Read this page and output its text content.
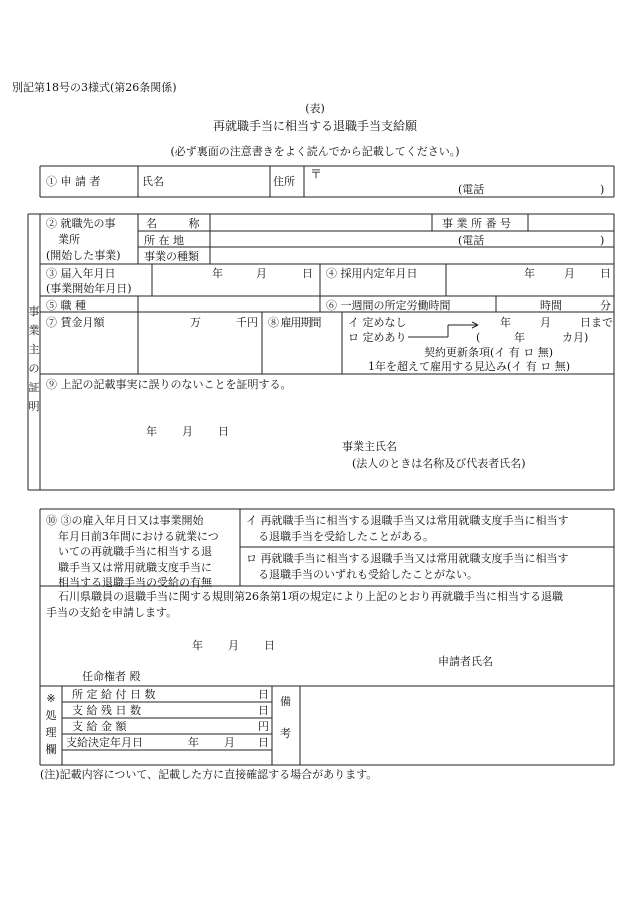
別記第18号の3様式(第26条関係)
(表)
再就職手当に相当する退職手当支給願
(必ず裏面の注意書きをよく読んでから記載してください。)
① 申 請 者	氏名	住所
〒
(電話	)
事
業
主
の
証
明
② 就職先の事
業所
(開始した事業)
名 称	事 業 所 番 号
所 在 地	(電話	)
事業の種類
③ 届入年月日
(事業開始年月日)
年	月	日 ④ 採用内定年月日	年	月 日
⑤ 職 種	⑥ 一週間の所定労働時間	時間	分
⑦ 賃金月額	万	千円 ⑧ 雇用期間	イ 定めなし	年	月	日まで
ロ 定めあり	(	年	カ月)
契約更新条項(イ 有 ロ 無)
1年を超えて雇用する見込み(イ 有 ロ 無)
⑨ 上記の記載事実に誤りのないことを証明する。
年 月 日
事業主氏名
(法人のときは名称及び代表者氏名)
⑩ ③の雇入年月日又は事業開始
年月日前3年間における就業につ
いての再就職手当に相当する退
職手当又は常用就職支度手当に
相当する退職手当の受給の有無
イ 再就職手当に相当する退職手当又は常用就職支度手当に相当す
る退職手当を受給したことがある。
ロ 再就職手当に相当する退職手当又は常用就職支度手当に相当す
る退職手当のいずれも受給したことがない。
石川県職員の退職手当に関する規則第26条第1項の規定により上記のとおり再就職手当に相当する退職
手当の支給を申請します。
年 月 日
申請者氏名
任命権者 殿
※
処
理
欄
所 定 給 付 日 数	日
支 給 残 日 数	日
支 給 金 額	円
支給決定年月日	年 月 日
備
考
(注)記載内容について、記載した方に直接確認する場合があります。
